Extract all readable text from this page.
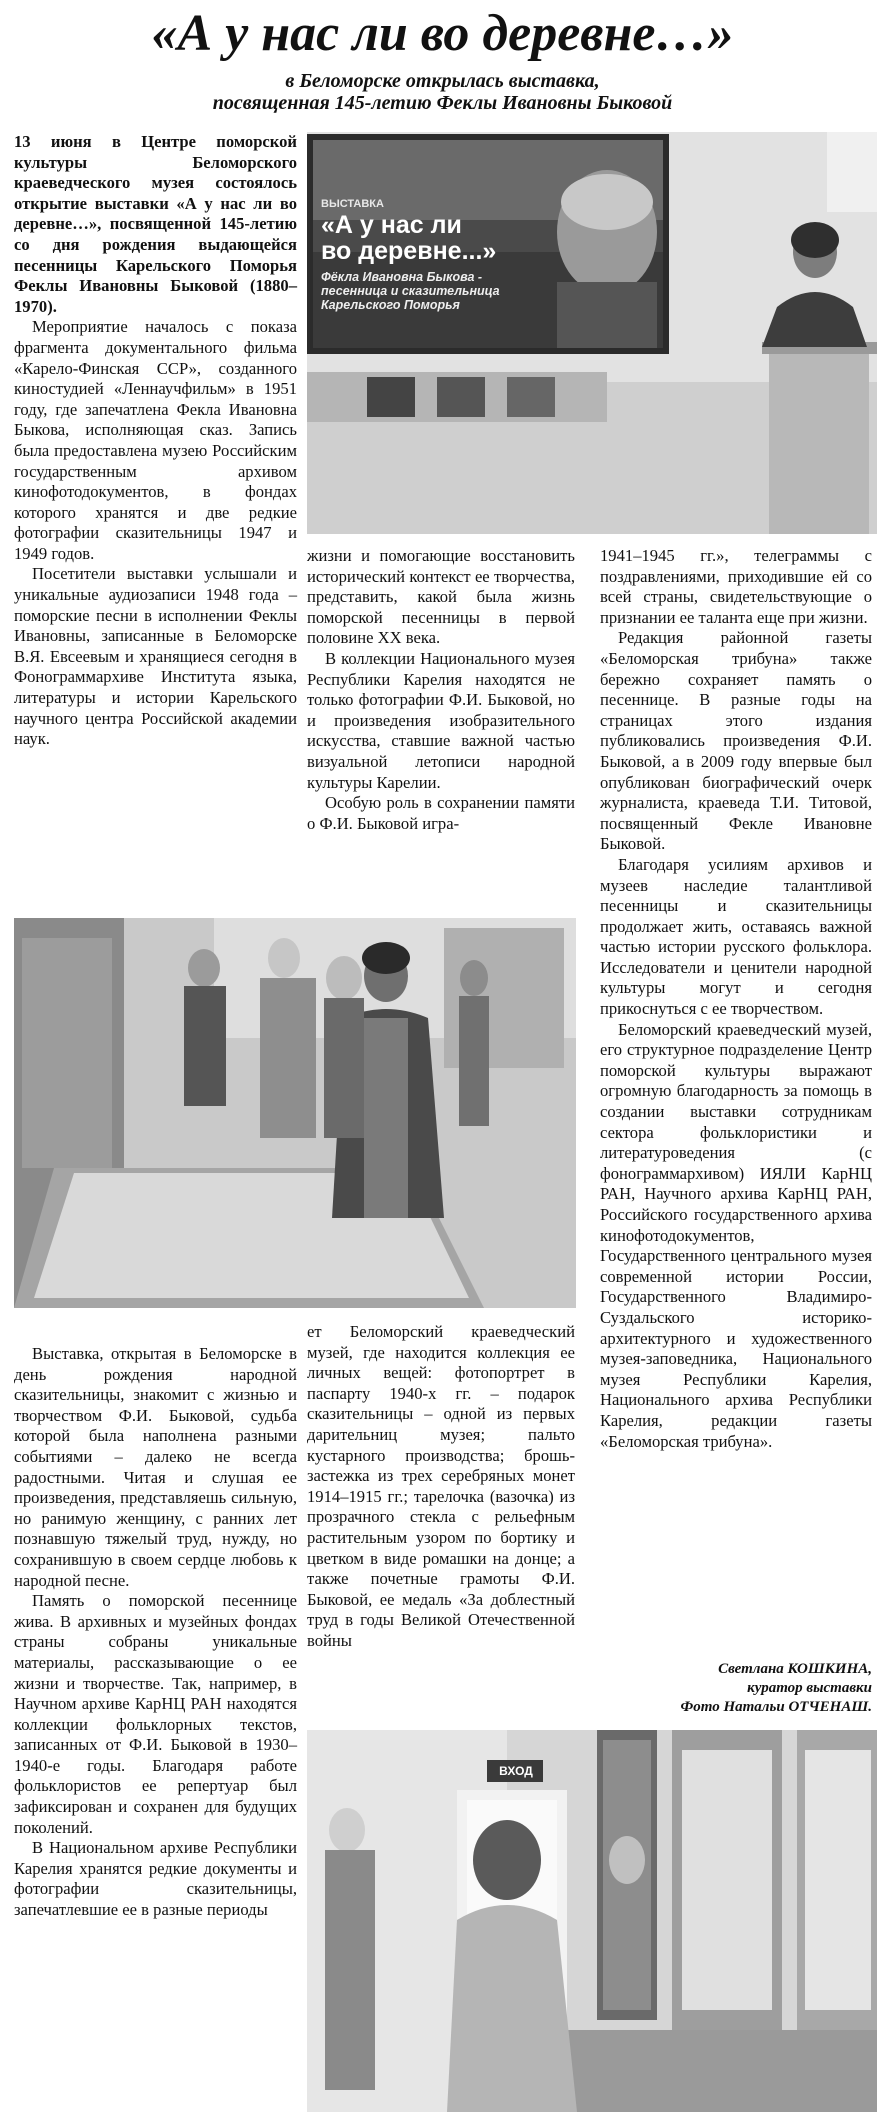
«А у нас ли во деревне…»
в Беломорске открылась выставка,
посвященная 145-летию Феклы Ивановны Быковой
ВЫСТАВКА
«А у нас ли
во деревне...»
Фёкла Ивановна Быкова -
песенница и сказительница
Карельского Поморья

13 июня в Центре поморской культуры Беломорского краеведческого музея состоялось открытие выставки «А у нас ли во деревне…», посвященной 145-летию со дня рождения выдающейся песенницы Карельского Поморья Феклы Ивановны Быковой (1880–1970).

Мероприятие началось с показа фрагмента документального фильма «Карело-Финская ССР», созданного киностудией «Леннаучфильм» в 1951 году, где запечатлена Фекла Ивановна Быкова, исполняющая сказ. Запись была предоставлена музею Российским государственным архивом кинофотодокументов, в фондах которого хранятся и две редкие фотографии сказительницы 1947 и 1949 годов.

Посетители выставки услышали и уникальные аудиозаписи 1948 года – поморские песни в исполнении Феклы Ивановны, записанные в Беломорске В.Я. Евсеевым и хранящиеся сегодня в Фонограммархиве Института языка, литературы и истории Карельского научного центра Российской академии наук.

жизни и помогающие восстановить исторический контекст ее творчества, представить, какой была жизнь поморской песенницы в первой половине XX века.

В коллекции Национального музея Республики Карелия находятся не только фотографии Ф.И. Быковой, но и произведения изобразительного искусства, ставшие важной частью визуальной летописи народной культуры Карелии.

Особую роль в сохранении памяти о Ф.И. Быковой игра-

1941–1945 гг.», телеграммы с поздравлениями, приходившие ей со всей страны, свидетельствующие о признании ее таланта еще при жизни.

Редакция районной газеты «Беломорская трибуна» также бережно сохраняет память о песеннице. В разные годы на страницах этого издания публиковались произведения Ф.И. Быковой, а в 2009 году впервые был опубликован биографический очерк журналиста, краеведа Т.И. Титовой, посвященный Фекле Ивановне Быковой.

Благодаря усилиям архивов и музеев наследие талантливой песенницы и сказительницы продолжает жить, оставаясь важной частью истории русского фольклора. Исследователи и ценители народной культуры могут и сегодня прикоснуться с ее творчеством.

Беломорский краеведческий музей, его структурное подразделение Центр поморской культуры выражают огромную благодарность за помощь в создании выставки сотрудникам сектора фольклористики и литературоведения (с фонограммархивом) ИЯЛИ КарНЦ РАН, Научного архива КарНЦ РАН, Российского государственного архива кинофотодокументов, Государственного центрального музея современной истории России, Государственного Владимиро-Суздальского историко-архитектурного и художественного музея-заповедника, Национального музея Республики Карелия, Национального архива Республики Карелия, редакции газеты «Беломорская трибуна».

Выставка, открытая в Беломорске в день рождения народной сказительницы, знакомит с жизнью и творчеством Ф.И. Быковой, судьба которой была наполнена разными событиями – далеко не всегда радостными. Читая и слушая ее произведения, представляешь сильную, но ранимую женщину, с ранних лет познавшую тяжелый труд, нужду, но сохранившую в своем сердце любовь к народной песне.

Память о поморской песеннице жива. В архивных и музейных фондах страны собраны уникальные материалы, рассказывающие о ее жизни и творчестве. Так, например, в Научном архиве КарНЦ РАН находятся коллекции фольклорных текстов, записанных от Ф.И. Быковой в 1930–1940-е годы. Благодаря работе фольклористов ее репертуар был зафиксирован и сохранен для будущих поколений.

В Национальном архиве Республики Карелия хранятся редкие документы и фотографии сказительницы, запечатлевшие ее в разные периоды

ет Беломорский краеведческий музей, где находится коллекция ее личных вещей: фотопортрет в паспарту 1940-х гг. – подарок сказительницы – одной из первых дарительниц музея; пальто кустарного производства; брошь-застежка из трех серебряных монет 1914–1915 гг.; тарелочка (вазочка) из прозрачного стекла с рельефным растительным узором по бортику и цветком в виде ромашки на донце; а также почетные грамоты Ф.И. Быковой, ее медаль «За доблестный труд в годы Великой Отечественной войны

Светлана КОШКИНА,
куратор выставки
Фото Натальи ОТЧЕНАШ.
ВХОД
